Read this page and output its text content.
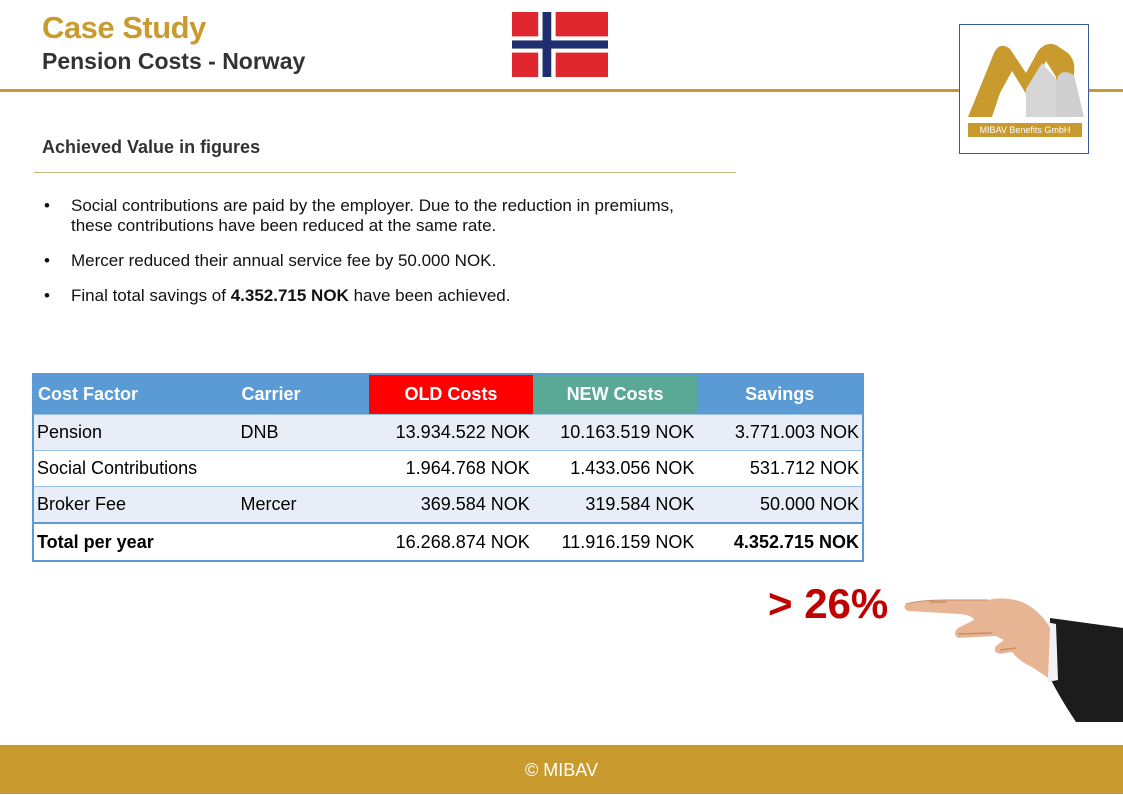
Case Study
Pension Costs - Norway
MIBAV Benefits GmbH
Achieved Value in figures
• Social contributions are paid by the employer. Due to the reduction in premiums, these contributions have been reduced at the same rate.
• Mercer reduced their annual service fee by 50.000 NOK.
• Final total savings of 4.352.715 NOK have been achieved.
Cost Factor	Carrier	OLD Costs	NEW Costs	Savings
Pension	DNB	13.934.522 NOK	10.163.519 NOK	3.771.003 NOK
Social Contributions		1.964.768 NOK	1.433.056 NOK	531.712 NOK
Broker Fee	Mercer	369.584 NOK	319.584 NOK	50.000 NOK
Total per year		16.268.874 NOK	11.916.159 NOK	4.352.715 NOK
> 26%
© MIBAV
